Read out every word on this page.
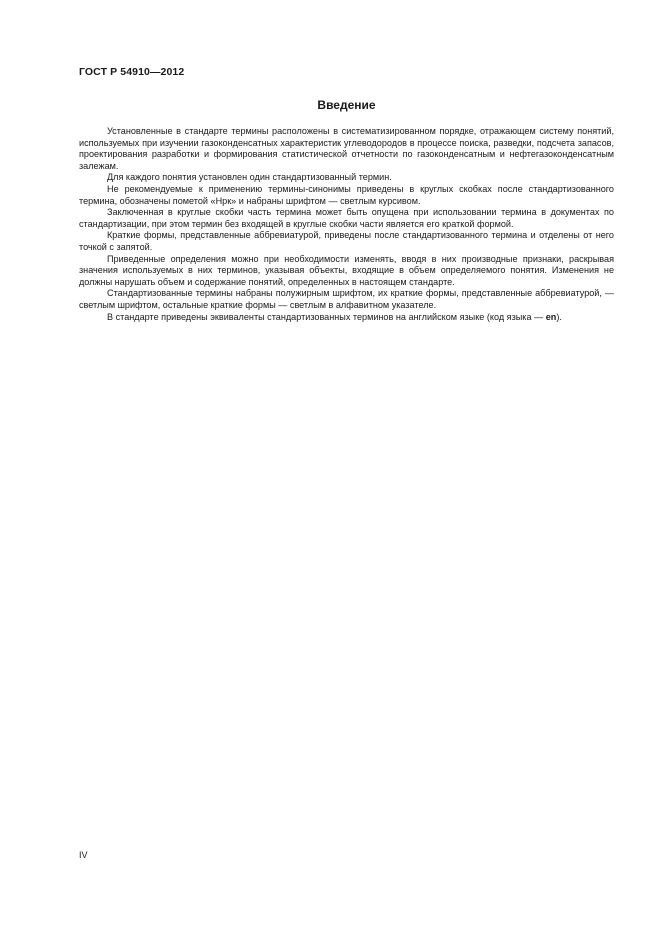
ГОСТ Р 54910—2012
Введение

Установленные в стандарте термины расположены в систематизированном порядке, отражающем систему понятий, используемых при изучении газоконденсатных характеристик углеводородов в процессе поиска, разведки, подсчета запасов, проектирования разработки и формирования статистической отчетности по газоконденсатным и нефтегазоконденсатным залежам.

Для каждого понятия установлен один стандартизованный термин.

Не рекомендуемые к применению термины-синонимы приведены в круглых скобках после стандартизованного термина, обозначены пометой «Нрк» и набраны шрифтом — светлым курсивом.

Заключенная в круглые скобки часть термина может быть опущена при использовании термина в документах по стандартизации, при этом термин без входящей в круглые скобки части является его краткой формой.

Краткие формы, представленные аббревиатурой, приведены после стандартизованного термина и отделены от него точкой с запятой.

Приведенные определения можно при необходимости изменять, вводя в них производные признаки, раскрывая значения используемых в них терминов, указывая объекты, входящие в объем определяемого понятия. Изменения не должны нарушать объем и содержание понятий, определенных в настоящем стандарте.

Стандартизованные термины набраны полужирным шрифтом, их краткие формы, представленные аббревиатурой, — светлым шрифтом, остальные краткие формы — светлым в алфавитном указателе.

В стандарте приведены эквиваленты стандартизованных терминов на английском языке (код языка — en).

IV
